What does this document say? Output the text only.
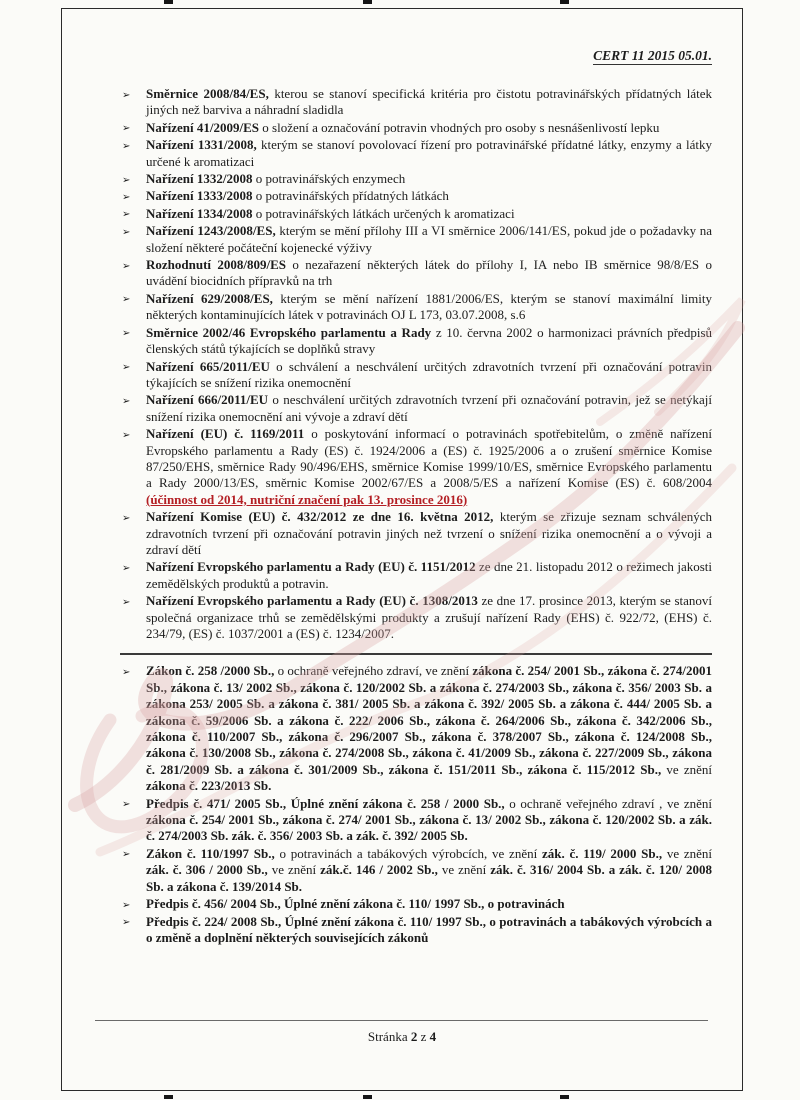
CERT 11 2015 05.01.
➢ Směrnice 2008/84/ES, kterou se stanoví specifická kritéria pro čistotu potravinářských přídatných látek jiných než barviva a náhradní sladidla
➢ Nařízení 41/2009/ES o složení a označování potravin vhodných pro osoby s nesnášenlivostí lepku
➢ Nařízení 1331/2008, kterým se stanoví povolovací řízení pro potravinářské přídatné látky, enzymy a látky určené k aromatizaci
➢ Nařízení 1332/2008 o potravinářských enzymech
➢ Nařízení 1333/2008 o potravinářských přídatných látkách
➢ Nařízení 1334/2008 o potravinářských látkách určených k aromatizaci
➢ Nařízení 1243/2008/ES, kterým se mění přílohy III a VI směrnice 2006/141/ES, pokud jde o požadavky na složení některé počáteční kojenecké výživy
➢ Rozhodnutí 2008/809/ES o nezařazení některých látek do přílohy I, IA nebo IB směrnice 98/8/ES o uvádění biocidních přípravků na trh
➢ Nařízení 629/2008/ES, kterým se mění nařízení 1881/2006/ES, kterým se stanoví maximální limity některých kontaminujících látek v potravinách OJ L 173, 03.07.2008, s.6
➢ Směrnice 2002/46 Evropského parlamentu a Rady z 10. června 2002 o harmonizaci právních předpisů členských států týkajících se doplňků stravy
➢ Nařízení 665/2011/EU o schválení a neschválení určitých zdravotních tvrzení při označování potravin týkajících se snížení rizika onemocnění
➢ Nařízení 666/2011/EU o neschválení určitých zdravotních tvrzení při označování potravin, jež se netýkají snížení rizika onemocnění ani vývoje a zdraví dětí
➢ Nařízení (EU) č. 1169/2011 o poskytování informací o potravinách spotřebitelům, o změně nařízení Evropského parlamentu a Rady (ES) č. 1924/2006 a (ES) č. 1925/2006 a o zrušení směrnice Komise 87/250/EHS, směrnice Rady 90/496/EHS, směrnice Komise 1999/10/ES, směrnice Evropského parlamentu a Rady 2000/13/ES, směrnic Komise 2002/67/ES a 2008/5/ES a nařízení Komise (ES) č. 608/2004 (účinnost od 2014, nutriční značení pak 13. prosince 2016)
➢ Nařízení Komise (EU) č. 432/2012 ze dne 16. května 2012, kterým se zřizuje seznam schválených zdravotních tvrzení při označování potravin jiných než tvrzení o snížení rizika onemocnění a o vývoji a zdraví dětí
➢ Nařízení Evropského parlamentu a Rady (EU) č. 1151/2012 ze dne 21. listopadu 2012 o režimech jakosti zemědělských produktů a potravin.
➢ Nařízení Evropského parlamentu a Rady (EU) č. 1308/2013 ze dne 17. prosince 2013, kterým se stanoví společná organizace trhů se zemědělskými produkty a zrušují nařízení Rady (EHS) č. 922/72, (EHS) č. 234/79, (ES) č. 1037/2001 a (ES) č. 1234/2007.
➢ Zákon č. 258 /2000 Sb., o ochraně veřejného zdraví, ve znění zákona č. 254/ 2001 Sb., zákona č. 274/2001 Sb., zákona č. 13/ 2002 Sb., zákona č. 120/2002 Sb. a zákona č. 274/2003 Sb., zákona č. 356/ 2003 Sb. a zákona 253/ 2005 Sb. a zákona č. 381/ 2005 Sb. a zákona č. 392/ 2005 Sb. a zákona č. 444/ 2005 Sb. a zákona č. 59/2006 Sb. a zákona č. 222/ 2006 Sb., zákona č. 264/2006 Sb., zákona č. 342/2006 Sb., zákona č. 110/2007 Sb., zákona č. 296/2007 Sb., zákona č. 378/2007 Sb., zákona č. 124/2008 Sb., zákona č. 130/2008 Sb., zákona č. 274/2008 Sb., zákona č. 41/2009 Sb., zákona č. 227/2009 Sb., zákona č. 281/2009 Sb. a zákona č. 301/2009 Sb., zákona č. 151/2011 Sb., zákona č. 115/2012 Sb., ve znění zákona č. 223/2013 Sb.
➢ Předpis č. 471/ 2005 Sb., Úplné znění zákona č. 258 / 2000 Sb., o ochraně veřejného zdraví , ve znění zákona č. 254/ 2001 Sb., zákona č. 274/ 2001 Sb., zákona č. 13/ 2002 Sb., zákona č. 120/2002 Sb. a zák. č. 274/2003 Sb. zák. č. 356/ 2003 Sb. a zák. č. 392/ 2005 Sb.
➢ Zákon č. 110/1997 Sb., o potravinách a tabákových výrobcích, ve znění zák. č. 119/ 2000 Sb., ve znění zák. č. 306 / 2000 Sb., ve znění zák.č. 146 / 2002 Sb., ve znění zák. č. 316/ 2004 Sb. a zák. č. 120/ 2008 Sb. a zákona č. 139/2014 Sb.
➢ Předpis č. 456/ 2004 Sb., Úplné znění zákona č. 110/ 1997 Sb., o potravinách
➢ Předpis č. 224/ 2008 Sb., Úplné znění zákona č. 110/ 1997 Sb., o potravinách a tabákových výrobcích a o změně a doplnění některých souvisejících zákonů
Stránka 2 z 4
